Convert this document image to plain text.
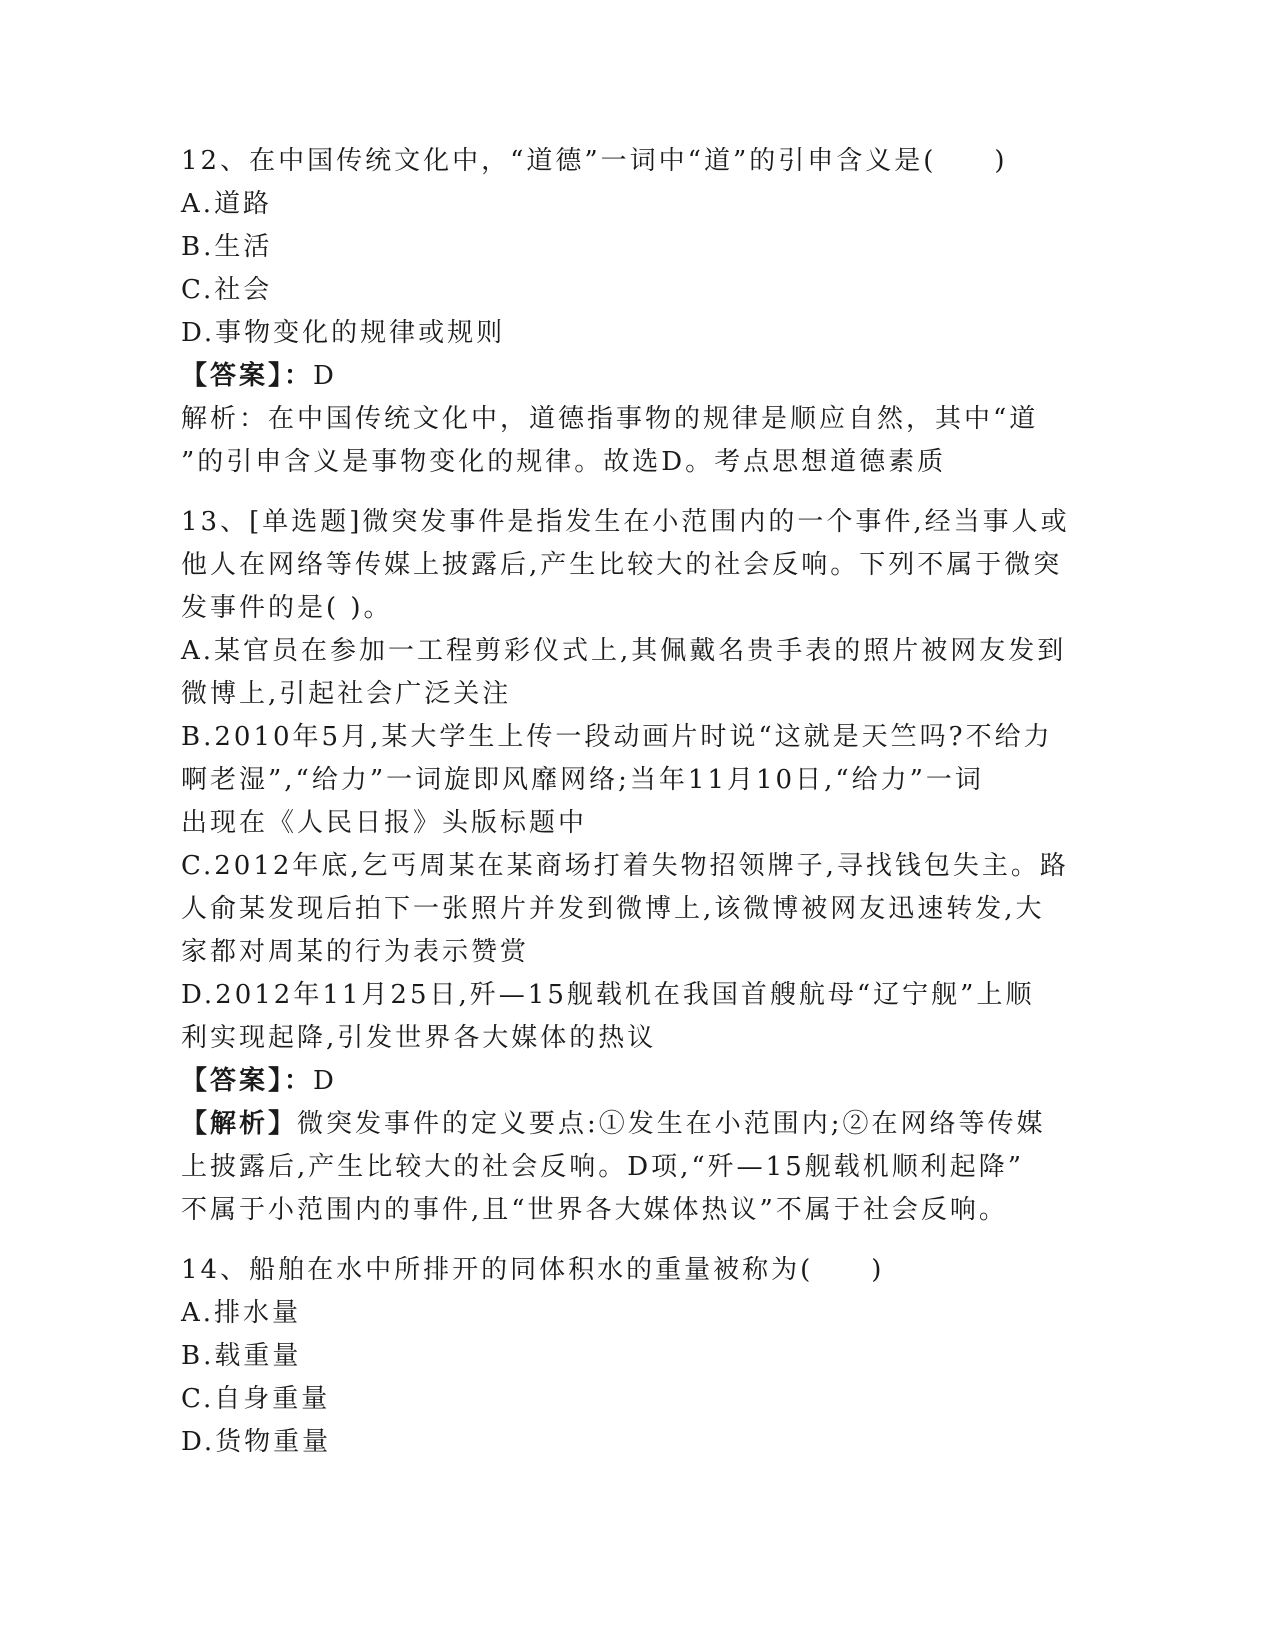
12、在中国传统文化中，“道德”一词中“道”的引申含义是(　　)
A.道路
B.生活
C.社会
D.事物变化的规律或规则
【答案】：D
解析：在中国传统文化中，道德指事物的规律是顺应自然，其中“道
”的引申含义是事物变化的规律。故选D。考点思想道德素质
13、[单选题]微突发事件是指发生在小范围内的一个事件,经当事人或
他人在网络等传媒上披露后,产生比较大的社会反响。下列不属于微突
发事件的是( )。
A.某官员在参加一工程剪彩仪式上,其佩戴名贵手表的照片被网友发到
微博上,引起社会广泛关注
B.2010年5月,某大学生上传一段动画片时说“这就是天竺吗?不给力
啊老湿”,“给力”一词旋即风靡网络;当年11月10日,“给力”一词
出现在《人民日报》头版标题中
C.2012年底,乞丐周某在某商场打着失物招领牌子,寻找钱包失主。路
人俞某发现后拍下一张照片并发到微博上,该微博被网友迅速转发,大
家都对周某的行为表示赞赏
D.2012年11月25日,歼—15舰载机在我国首艘航母“辽宁舰”上顺
利实现起降,引发世界各大媒体的热议
【答案】：D
【解析】微突发事件的定义要点:①发生在小范围内;②在网络等传媒
上披露后,产生比较大的社会反响。D项,“歼—15舰载机顺利起降”
不属于小范围内的事件,且“世界各大媒体热议”不属于社会反响。
14、船舶在水中所排开的同体积水的重量被称为(　　)
A.排水量
B.载重量
C.自身重量
D.货物重量
